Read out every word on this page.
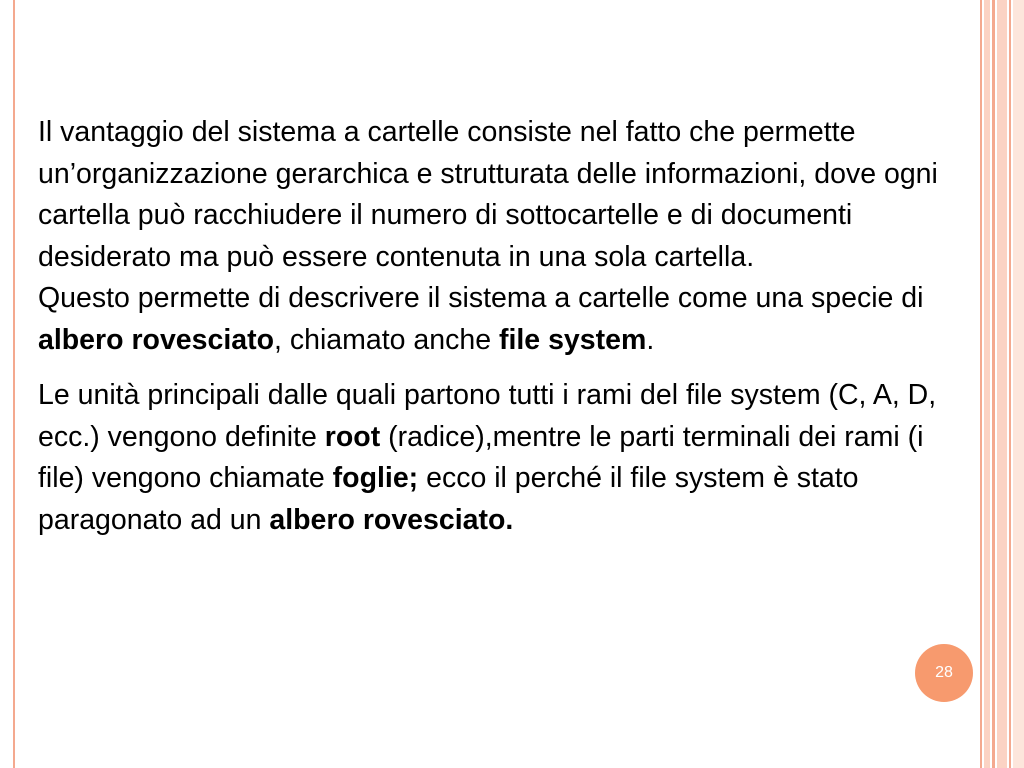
Il vantaggio del sistema a cartelle consiste nel fatto che permette un’organizzazione gerarchica e strutturata delle informazioni, dove ogni cartella può racchiudere il numero di sottocartelle e di documenti desiderato ma può essere contenuta in una sola cartella.

Questo permette di descrivere il sistema a cartelle come una specie di albero rovesciato, chiamato anche file system.

Le unità principali dalle quali partono tutti i rami del file system (C, A, D, ecc.) vengono definite root (radice),mentre le parti terminali dei rami (i file) vengono chiamate foglie; ecco il perché il file system è stato paragonato ad un albero rovesciato.

28
